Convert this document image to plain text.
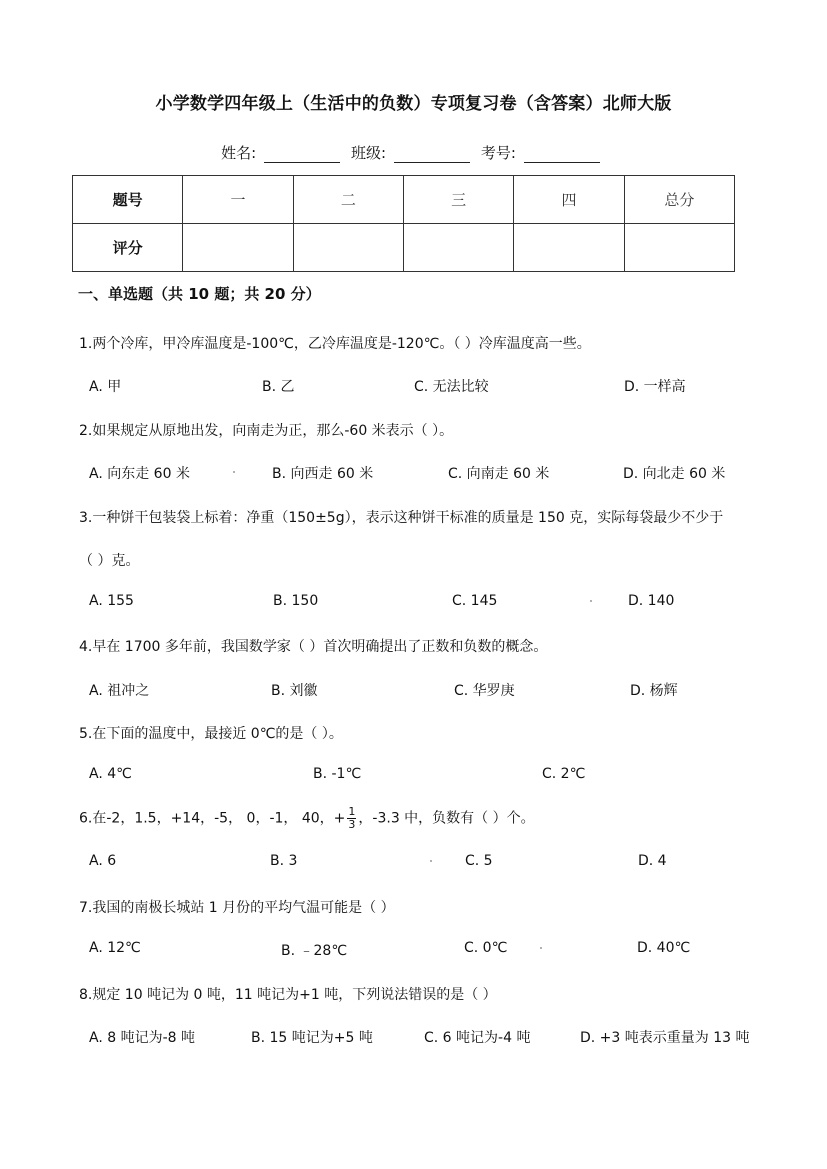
小学数学四年级上（生活中的负数）专项复习卷（含答案）北师大版
姓名:	班级:	考号:
题号	一	二	三	四	总分
评分					
一、单选题（共 10 题；共 20 分）
1.两个冷库，甲冷库温度是-100℃，乙冷库温度是-120℃。（ ）冷库温度高一些。
A. 甲	B. 乙	C. 无法比较	D. 一样高
2.如果规定从原地出发，向南走为正，那么-60 米表示（ ）。
A. 向东走 60 米	B. 向西走 60 米	C. 向南走 60 米	D. 向北走 60 米
3.一种饼干包装袋上标着：净重（150±5g），表示这种饼干标准的质量是 150 克，实际每袋最少不少于
（ ）克。
A. 155	B. 150	C. 145	D. 140
4.早在 1700 多年前，我国数学家（ ）首次明确提出了正数和负数的概念。
A. 祖冲之	B. 刘徽	C. 华罗庚	D. 杨辉
5.在下面的温度中，最接近 0℃的是（ ）。
A. 4℃	B. -1℃	C. 2℃
6.在-2，1.5，+14，-5， 0，-1， 40，+ $\frac{1}{3}$ ，-3.3 中，负数有（ ）个。
A. 6	B. 3	C. 5	D. 4
7.我国的南极长城站 1 月份的平均气温可能是（ ）
A. 12℃	B. ﹣28℃	C. 0℃	D. 40℃
8.规定 10 吨记为 0 吨，11 吨记为+1 吨，下列说法错误的是（ ）
A. 8 吨记为-8 吨	B. 15 吨记为+5 吨	C. 6 吨记为-4 吨	D. +3 吨表示重量为 13 吨
